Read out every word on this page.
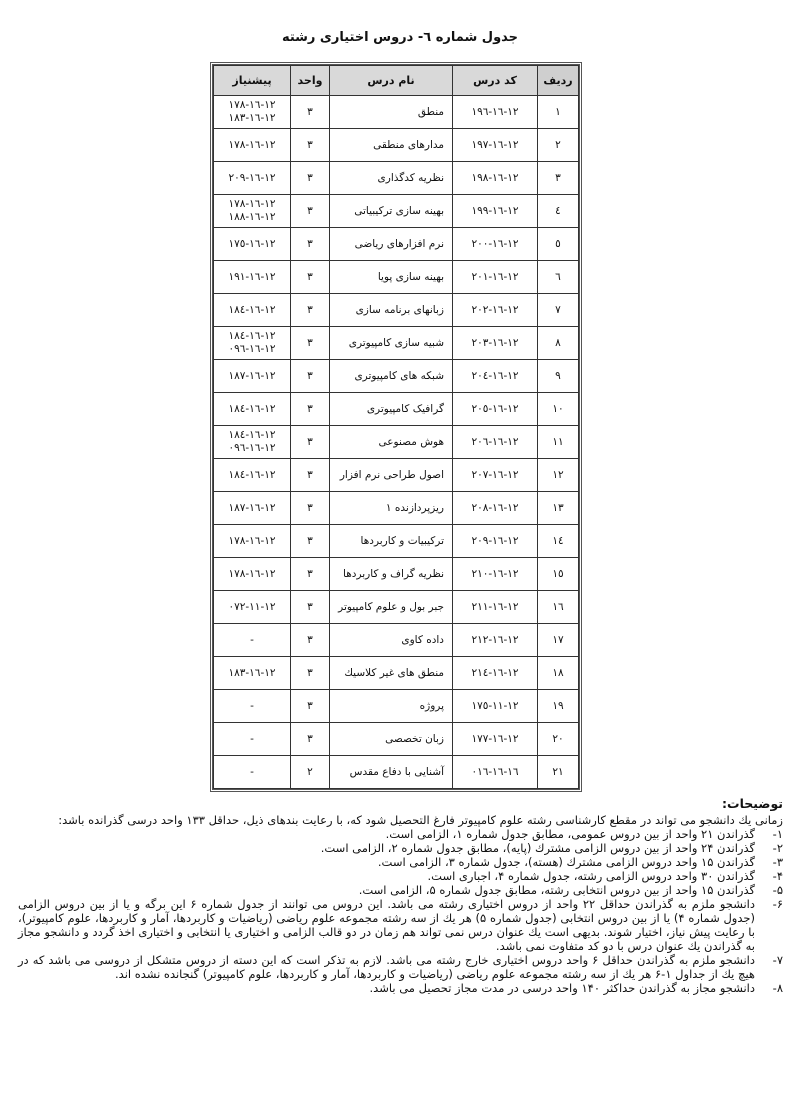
جدول شماره ٦- دروس اختیاری رشته
ردیف	کد درس	نام درس	واحد	پیشنیاز
١	١٢-١٦-١٩٦	منطق	٣	١٢-١٦-١٧٨
١٢-١٦-١٨٣

٢	١٢-١٦-١٩٧	مدارهای منطقی	٣	١٢-١٦-١٧٨

٣	١٢-١٦-١٩٨	نظریه کدگذاری	٣	١٢-١٦-٢٠٩

٤	١٢-١٦-١٩٩	بهینه سازی ترکیبیاتی	٣	١٢-١٦-١٧٨
١٢-١٦-١٨٨

٥	١٢-١٦-٢٠٠	نرم افزارهای ریاضی	٣	١٢-١٦-١٧٥

٦	١٢-١٦-٢٠١	بهینه سازی پویا	٣	١٢-١٦-١٩١

٧	١٢-١٦-٢٠٢	زبانهای برنامه سازی	٣	١٢-١٦-١٨٤

٨	١٢-١٦-٢٠٣	شبیه سازی کامپیوتری	٣	١٢-١٦-١٨٤
١٢-١٦-٠٩٦

٩	١٢-١٦-٢٠٤	شبکه های کامپیوتری	٣	١٢-١٦-١٨٧

١٠	١٢-١٦-٢٠٥	گرافیک کامپیوتری	٣	١٢-١٦-١٨٤

١١	١٢-١٦-٢٠٦	هوش مصنوعی	٣	١٢-١٦-١٨٤
١٢-١٦-٠٩٦

١٢	١٢-١٦-٢٠٧	اصول طراحی نرم افزار	٣	١٢-١٦-١٨٤

١٣	١٢-١٦-٢٠٨	ریزپردازنده ١	٣	١٢-١٦-١٨٧

١٤	١٢-١٦-٢٠٩	ترکیبیات و کاربردها	٣	١٢-١٦-١٧٨

١٥	١٢-١٦-٢١٠	نظریه گراف و کاربردها	٣	١٢-١٦-١٧٨

١٦	١٢-١٦-٢١١	جبر بول و علوم کامپیوتر	٣	١٢-١١-٠٧٢

١٧	١٢-١٦-٢١٢	داده کاوی	٣	-

١٨	١٢-١٦-٢١٤	منطق های غیر کلاسیك	٣	١٢-١٦-١٨٣

١٩	١٢-١١-١٧٥	پروژه	٣	-

٢٠	١٢-١٦-١٧٧	زبان تخصصی	٣	-

٢١	١٦-١٦-٠١٦	آشنایی با دفاع مقدس	٢	-
توضیحات:

زمانی یك دانشجو می تواند در مقطع کارشناسی رشته علوم کامپیوتر فارغ التحصیل شود که، با رعایت بندهای ذیل، حداقل ١٣٣ واحد درسی گذرانده باشد:

١-
گذراندن ٢١ واحد از بین دروس عمومی، مطابق جدول شماره ١، الزامی است.
٢-
گذراندن ٢۴ واحد از بین دروس الزامی مشترك (پایه)، مطابق جدول شماره ٢، الزامی است.
٣-
گذراندن ١۵ واحد دروس الزامی مشترك (هسته)، جدول شماره ٣، الزامی است.
۴-
گذراندن ٣٠ واحد دروس الزامی رشته، جدول شماره ۴، اجباری است.
۵-
گذراندن ١۵ واحد از بین دروس انتخابی رشته، مطابق جدول شماره ۵، الزامی است.
۶-
دانشجو ملزم به گذراندن حداقل ٢٢ واحد از دروس اختیاری رشته می باشد. این دروس می توانند از جدول شماره ۶ این برگه و یا از بین دروس الزامی (جدول شماره ۴) یا از بین دروس انتخابی (جدول شماره ۵) هر یك از سه رشته مجموعه علوم ریاضی (ریاضیات و کاربردها، آمار و کاربردها، علوم کامپیوتر)، با رعایت پیش نیاز، اختیار شوند. بدیهی است یك عنوان درس نمی تواند هم زمان در دو قالب الزامی و اختیاری یا انتخابی و اختیاری اخذ گردد و دانشجو مجاز به گذراندن یك عنوان درس با دو کد متفاوت نمی باشد.
٧-
دانشجو ملزم به گذراندن حداقل ۶ واحد دروس اختیاری خارج رشته می باشد. لازم به تذکر است که این دسته از دروس متشکل از دروسی می باشد که در هیچ یك از جداول ١-۶ هر یك از سه رشته مجموعه علوم ریاضی (ریاضیات و کاربردها، آمار و کاربردها، علوم کامپیوتر) گنجانده نشده اند.
٨-
دانشجو مجاز به گذراندن حداکثر ١۴٠ واحد درسی در مدت مجاز تحصیل می باشد.
